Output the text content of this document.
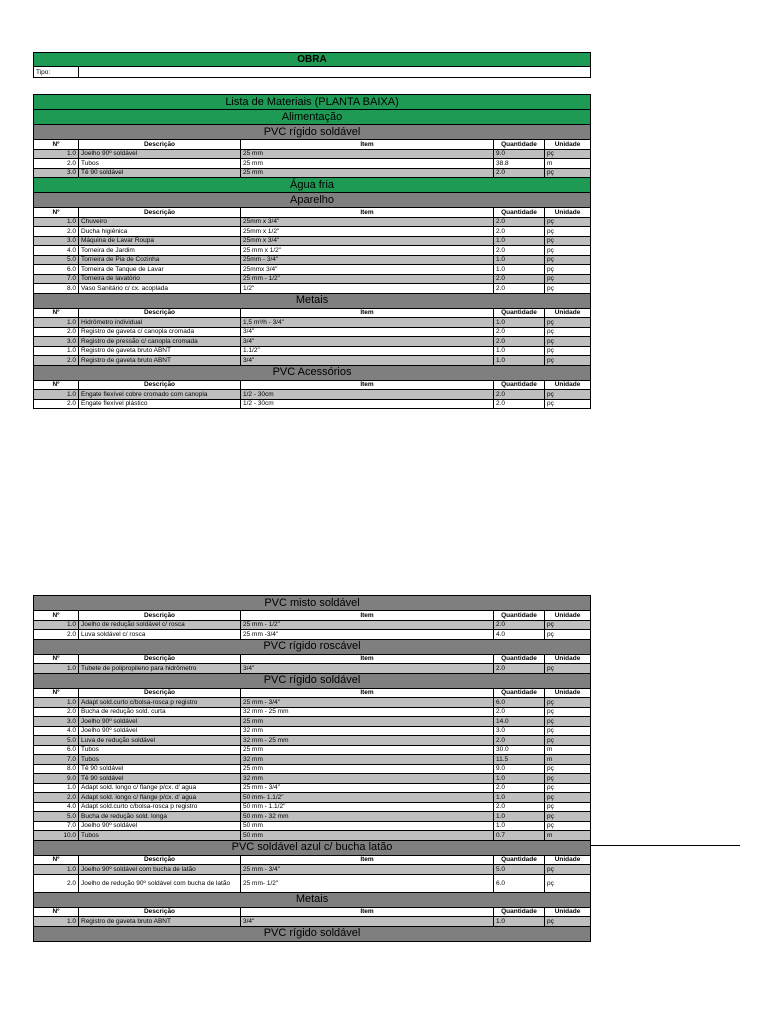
OBRA
Tipo:	
Lista de Materiais (PLANTA BAIXA)				
Alimentação				
PVC rígido soldável				
Nº	Descrição	Item	Quantidade	Unidade
1.0	Joelho 90º soldável	25 mm	9.0	pç
2.0	Tubos	25 mm	38.8	m
3.0	Tê 90 soldável	25 mm	2.0	pç
Água fria				
Aparelho				
Nº	Descrição	Item	Quantidade	Unidade
1.0	Chuveiro	25mm x 3/4"	2.0	pç
2.0	Ducha higiênica	25mm x 1/2"	2.0	pç
3.0	Máquina de Lavar Roupa	25mm x 3/4"	1.0	pç
4.0	Torneira de Jardim	25 mm x 1/2"	2.0	pç
5.0	Torneira de Pia de Cozinha	25mm - 3/4"	1.0	pç
6.0	Torneira de Tanque de Lavar	25mmx 3/4"	1.0	pç
7.0	Torneira de lavatório	25 mm - 1/2"	2.0	pç
8.0	Vaso Sanitário c/ cx. acoplada	1/2"	2.0	pç
Metais				
Nº	Descrição	Item	Quantidade	Unidade
1.0	Hidrômetro individual	1,5 m³/h - 3/4"	1.0	pç
2.0	Registro de gaveta c/ canopla cromada	3/4"	2.0	pç
3.0	Registro de pressão c/ canopla cromada	3/4"	2.0	pç
1.0	Registro de gaveta bruto ABNT	1.1/2"	1.0	pç
2.0	Registro de gaveta bruto ABNT	3/4"	1.0	pç
PVC Acessórios				
Nº	Descrição	Item	Quantidade	Unidade
1.0	Engate flexível cobre cromado com canopla	1/2 - 30cm	2.0	pç
2.0	Engate flexível plástico	1/2 - 30cm	2.0	pç
PVC misto soldável				
Nº	Descrição	Item	Quantidade	Unidade
1.0	Joelho de redução soldável c/ rosca	25 mm - 1/2"	2.0	pç
2.0	Luva soldável c/ rosca	25 mm -3/4"	4.0	pç
PVC rígido roscável				
Nº	Descrição	Item	Quantidade	Unidade
1.0	Tubete de polipropileno para hidrômetro	3/4"	2.0	pç
PVC rígido soldável				
Nº	Descrição	Item	Quantidade	Unidade
1.0	Adapt sold.curto c/bolsa-rosca p registro	25 mm - 3/4"	6.0	pç
2.0	Bucha de redução sold. curta	32 mm - 25 mm	2.0	pç
3.0	Joelho 90º soldável	25 mm	14.0	pç
4.0	Joelho 90º soldável	32 mm	3.0	pç
5.0	Luva de redução soldável	32 mm - 25 mm	2.0	pç
6.0	Tubos	25 mm	30.0	m
7.0	Tubos	32 mm	11.5	m
8.0	Tê 90 soldável	25 mm	9.0	pç
9.0	Tê 90 soldável	32 mm	1.0	pç
1.0	Adapt sold. longo c/ flange p/cx. d' agua	25 mm - 3/4"	2.0	pç
2.0	Adapt sold. longo c/ flange p/cx. d' agua	50 mm- 1.1/2"	1.0	pç
4.0	Adapt sold.curto c/bolsa-rosca p registro	50 mm - 1.1/2"	2.0	pç
5.0	Bucha de redução sold. longa	50 mm - 32 mm	1.0	pç
7.0	Joelho 90º soldável	50 mm	1.0	pç
10.0	Tubos	50 mm	0.7	m
PVC soldável azul c/ bucha latão				
Nº	Descrição	Item	Quantidade	Unidade
1.0	Joelho 90º soldável com bucha de latão	25 mm - 3/4"	5.0	pç
2.0	Joelho de redução 90º soldável com bucha de latão	25 mm- 1/2"	6.0	pç
Metais				
Nº	Descrição	Item	Quantidade	Unidade
1.0	Registro de gaveta bruto ABNT	3/4"	1.0	pç
PVC rígido soldável				
